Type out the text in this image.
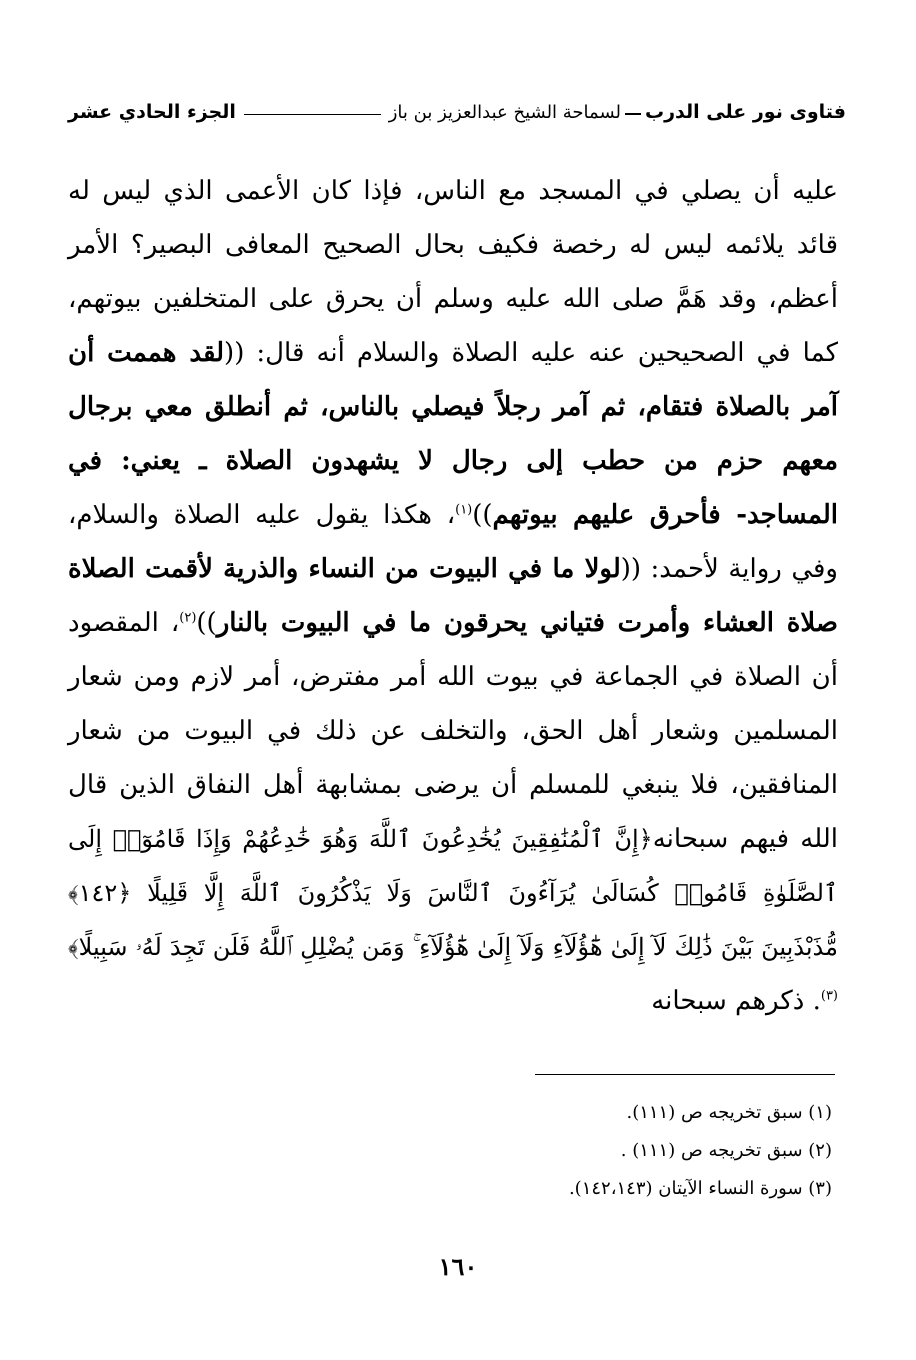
فتاوى نور على الدرب
لسماحة الشيخ عبدالعزيز بن باز
الجزء الحادي عشر

عليه أن يصلي في المسجد مع الناس، فإذا كان الأعمى الذي ليس له قائد يلائمه ليس له رخصة فكيف بحال الصحيح المعافى البصير؟ الأمر أعظم، وقد هَمَّ صلى الله عليه وسلم أن يحرق على المتخلفين بيوتهم، كما في الصحيحين عنه عليه الصلاة والسلام أنه قال: ((لقد هممت أن آمر بالصلاة فتقام، ثم آمر رجلاً فيصلي بالناس، ثم أنطلق معي برجال معهم حزم من حطب إلى رجال لا يشهدون الصلاة ـ يعني: في المساجد- فأحرق عليهم بيوتهم))$^{(١)}$، هكذا يقول عليه الصلاة والسلام، وفي رواية لأحمد: ((لولا ما في البيوت من النساء والذرية لأقمت الصلاة صلاة العشاء وأمرت فتياني يحرقون ما في البيوت بالنار))$^{(٢)}$، المقصود أن الصلاة في الجماعة في بيوت الله أمر مفترض، أمر لازم ومن شعار المسلمين وشعار أهل الحق، والتخلف عن ذلك في البيوت من شعار المنافقين، فلا ينبغي للمسلم أن يرضى بمشابهة أهل النفاق الذين قال الله فيهم سبحانه﴿إِنَّ ٱلْمُنَٰفِقِينَ يُخَٰدِعُونَ ٱللَّهَ وَهُوَ خَٰدِعُهُمْ وَإِذَا قَامُوٓا۟ إِلَى ٱلصَّلَوٰةِ قَامُوا۟ كُسَالَىٰ يُرَآءُونَ ٱلنَّاسَ وَلَا يَذْكُرُونَ ٱللَّهَ إِلَّا قَلِيلًا ﴿١٤٢﴾ مُّذَبْذَبِينَ بَيْنَ ذَٰلِكَ لَآ إِلَىٰ هَٰٓؤُلَآءِ وَلَآ إِلَىٰ هَٰٓؤُلَآءِ ۚ وَمَن يُضْلِلِ ٱللَّهُ فَلَن تَجِدَ لَهُۥ سَبِيلًا﴾$^{(٣)}$. ذكرهم سبحانه

(١) سبق تخريجه ص (١١١).
(٢) سبق تخريجه ص (١١١) .
(٣) سورة النساء الآيتان (١٤٢،١٤٣).
١٦٠
